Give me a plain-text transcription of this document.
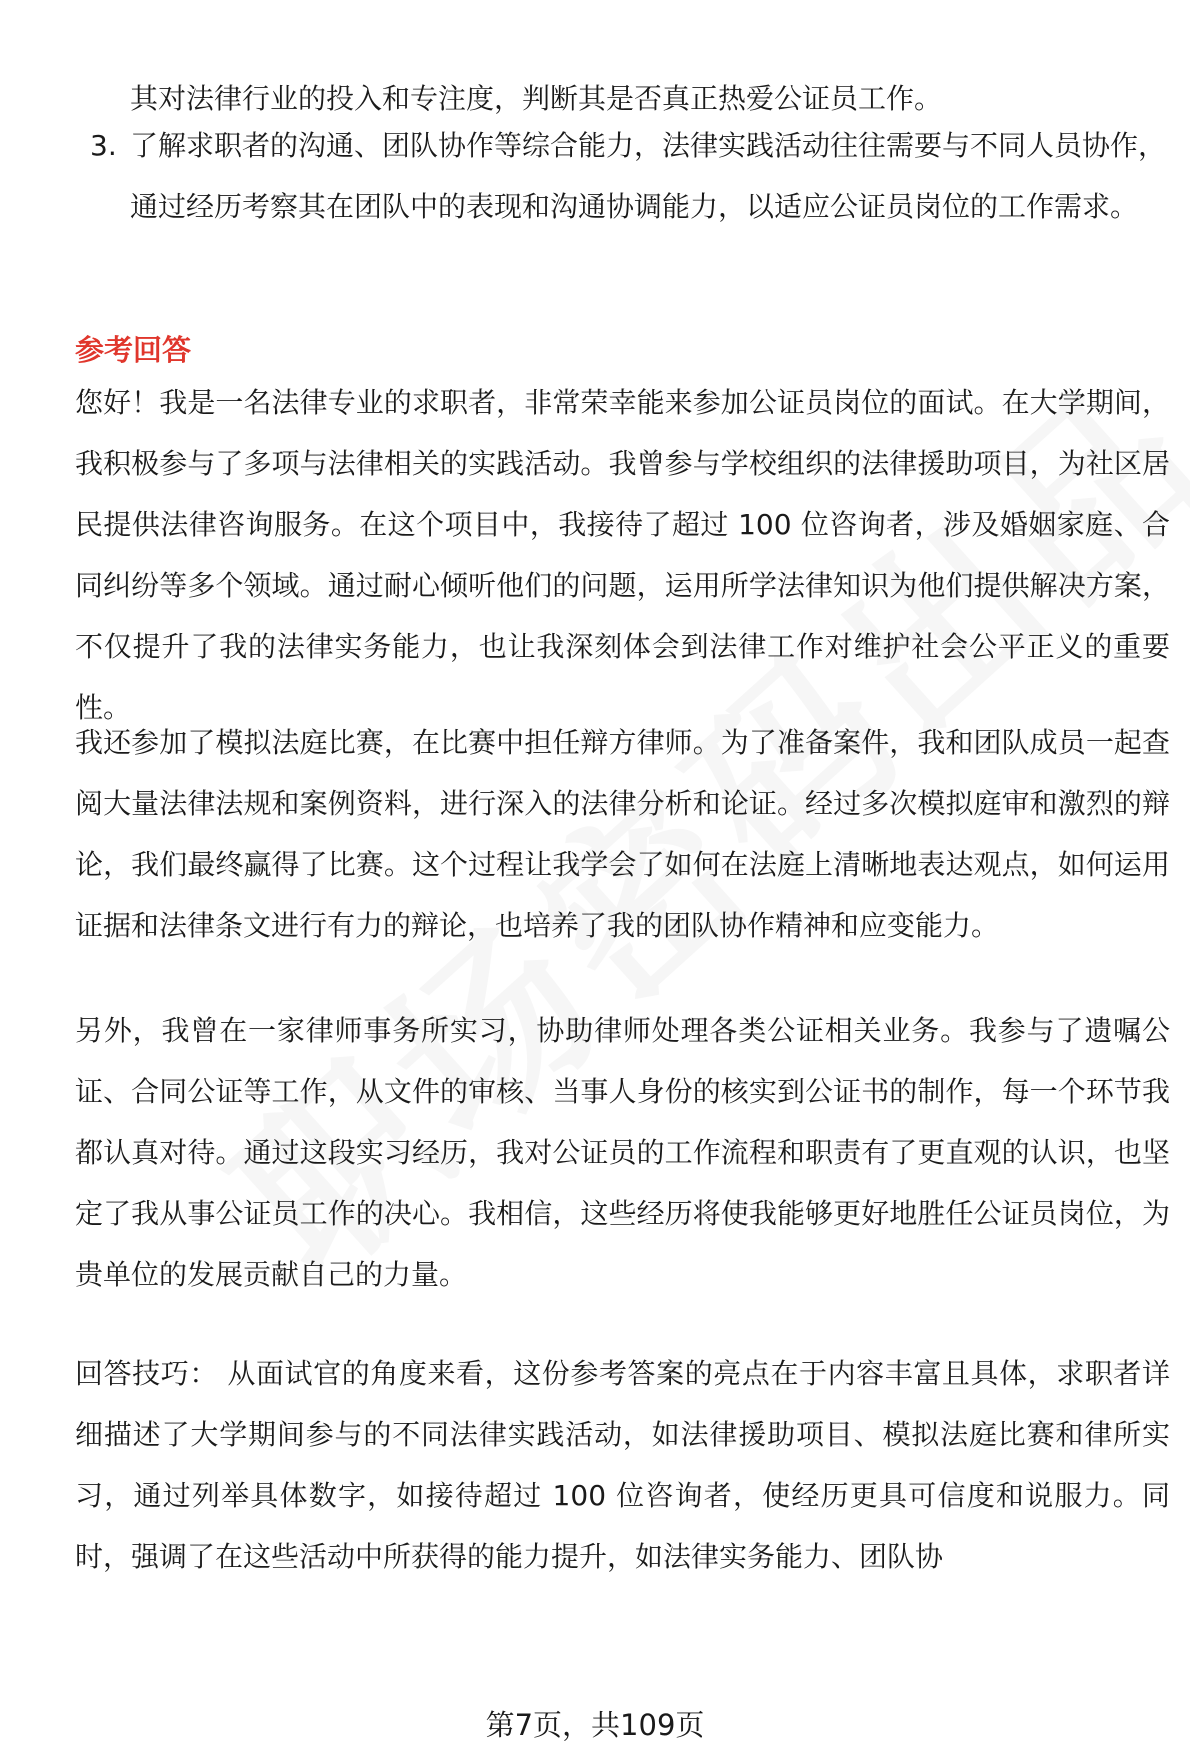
其对法律行业的投入和专注度，判断其是否真正热爱公证员工作。
3. 了解求职者的沟通、团队协作等综合能力，法律实践活动往往需要与不同人员协作，通过经历考察其在团队中的表现和沟通协调能力，以适应公证员岗位的工作需求。
参考回答
您好！我是一名法律专业的求职者，非常荣幸能来参加公证员岗位的面试。在大学期间，我积极参与了多项与法律相关的实践活动。我曾参与学校组织的法律援助项目，为社区居民提供法律咨询服务。在这个项目中，我接待了超过 100 位咨询者，涉及婚姻家庭、合同纠纷等多个领域。通过耐心倾听他们的问题，运用所学法律知识为他们提供解决方案，不仅提升了我的法律实务能力，也让我深刻体会到法律工作对维护社会公平正义的重要性。
我还参加了模拟法庭比赛，在比赛中担任辩方律师。为了准备案件，我和团队成员一起查阅大量法律法规和案例资料，进行深入的法律分析和论证。经过多次模拟庭审和激烈的辩论，我们最终赢得了比赛。这个过程让我学会了如何在法庭上清晰地表达观点，如何运用证据和法律条文进行有力的辩论，也培养了我的团队协作精神和应变能力。
另外，我曾在一家律师事务所实习，协助律师处理各类公证相关业务。我参与了遗嘱公证、合同公证等工作，从文件的审核、当事人身份的核实到公证书的制作，每一个环节我都认真对待。通过这段实习经历，我对公证员的工作流程和职责有了更直观的认识，也坚定了我从事公证员工作的决心。我相信，这些经历将使我能够更好地胜任公证员岗位，为贵单位的发展贡献自己的力量。
回答技巧： 从面试官的角度来看，这份参考答案的亮点在于内容丰富且具体，求职者详细描述了大学期间参与的不同法律实践活动，如法律援助项目、模拟法庭比赛和律所实习，通过列举具体数字，如接待超过 100 位咨询者，使经历更具可信度和说服力。同时，强调了在这些活动中所获得的能力提升，如法律实务能力、团队协
第7页，共109页
